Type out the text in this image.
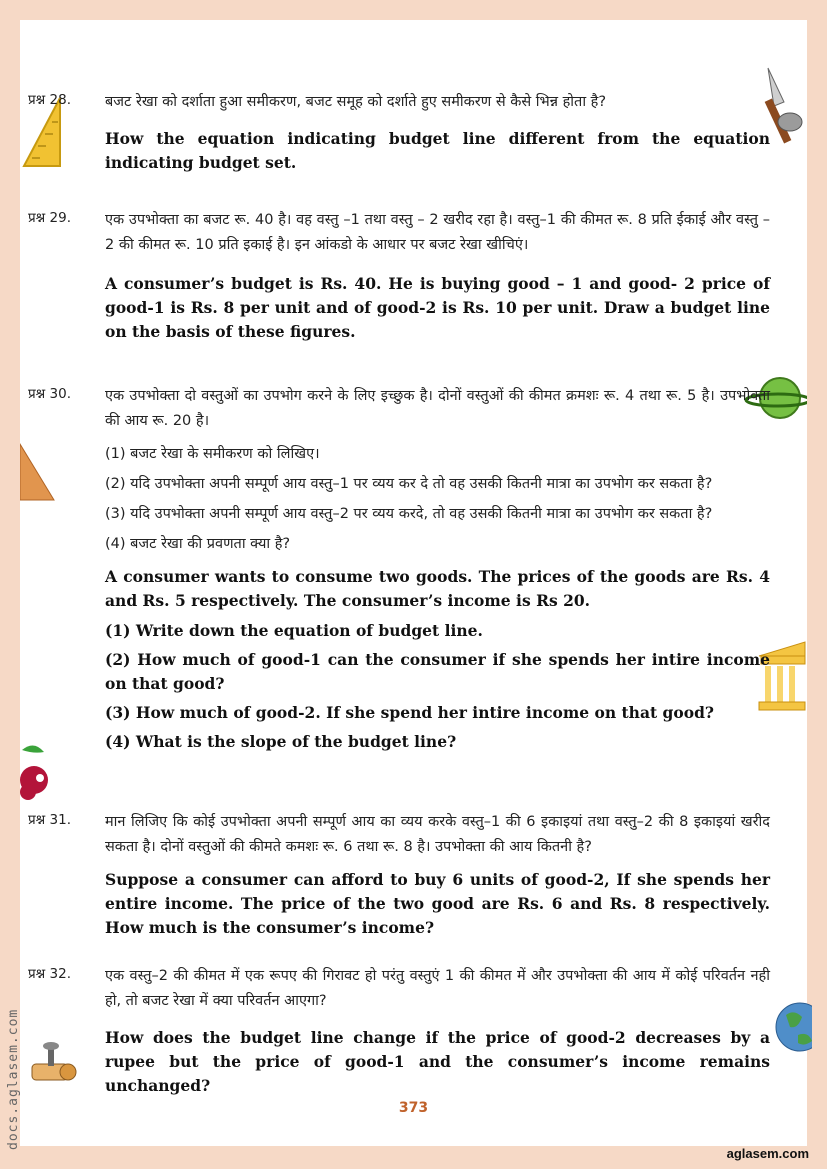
प्रश्न 28.	बजट रेखा को दर्शाता हुआ समीकरण, बजट समूह को दर्शाते हुए समीकरण से कैसे भिन्न होता है?

How the equation indicating budget line different from the equation indicating budget set.

प्रश्न 29.	एक उपभोक्ता का बजट रू. 40 है। वह वस्तु –1 तथा वस्तु – 2 खरीद रहा है। वस्तु–1 की कीमत रू. 8 प्रति ईकाई और वस्तु – 2 की कीमत रू. 10 प्रति इकाई है। इन आंकडो के आधार पर बजट रेखा खीचिएं।

A consumer’s budget is Rs. 40. He is buying good – 1 and good- 2 price of good-1 is Rs. 8 per unit and of good-2 is Rs. 10 per unit. Draw a budget line on the basis of these figures.

प्रश्न 30.	एक उपभोक्ता दो वस्तुओं का उपभोग करने के लिए इच्छुक है। दोनों वस्तुओं की कीमत क्रमशः रू. 4 तथा रू. 5 है। उपभोक्ता की आय रू. 20 है।

(1) बजट रेखा के समीकरण को लिखिए।

(2) यदि उपभोक्ता अपनी सम्पूर्ण आय वस्तु–1 पर व्यय कर दे तो वह उसकी कितनी मात्रा का उपभोग कर सकता है?

(3) यदि उपभोक्ता अपनी सम्पूर्ण आय वस्तु–2 पर व्यय करदे, तो वह उसकी कितनी मात्रा का उपभोग कर सकता है?

(4) बजट रेखा की प्रवणता क्या है?

A consumer wants to consume two goods. The prices of the goods are Rs. 4 and Rs. 5 respectively. The consumer’s income is Rs 20.

(1) Write down the equation of budget line.

(2) How much of good-1 can the consumer if she spends her intire income on that good?

(3) How much of good-2. If she spend her intire income on that good?

(4) What is the slope of the budget line?

प्रश्न 31.	मान लिजिए कि कोई उपभोक्ता अपनी सम्पूर्ण आय का व्यय करके वस्तु–1 की 6 इकाइयां तथा वस्तु–2 की 8 इकाइयां खरीद सकता है। दोनों वस्तुओं की कीमते कमशः रू. 6 तथा रू. 8 है। उपभोक्ता की आय कितनी है?

Suppose a consumer can afford to buy 6 units of good-2, If she spends her entire income. The price of the two good are Rs. 6 and Rs. 8 respectively. How much is the consumer’s income?

प्रश्न 32.	एक वस्तु–2 की कीमत में एक रूपए की गिरावट हो परंतु वस्तुएं 1 की कीमत में और उपभोक्ता की आय में कोई परिवर्तन नही हो, तो बजट रेखा में क्या परिवर्तन आएगा?

How does the budget line change if the price of good-2 decreases by a rupee but the price of good-1 and the consumer’s income remains unchanged?

373
aglasem.com
docs.aglasem.com
